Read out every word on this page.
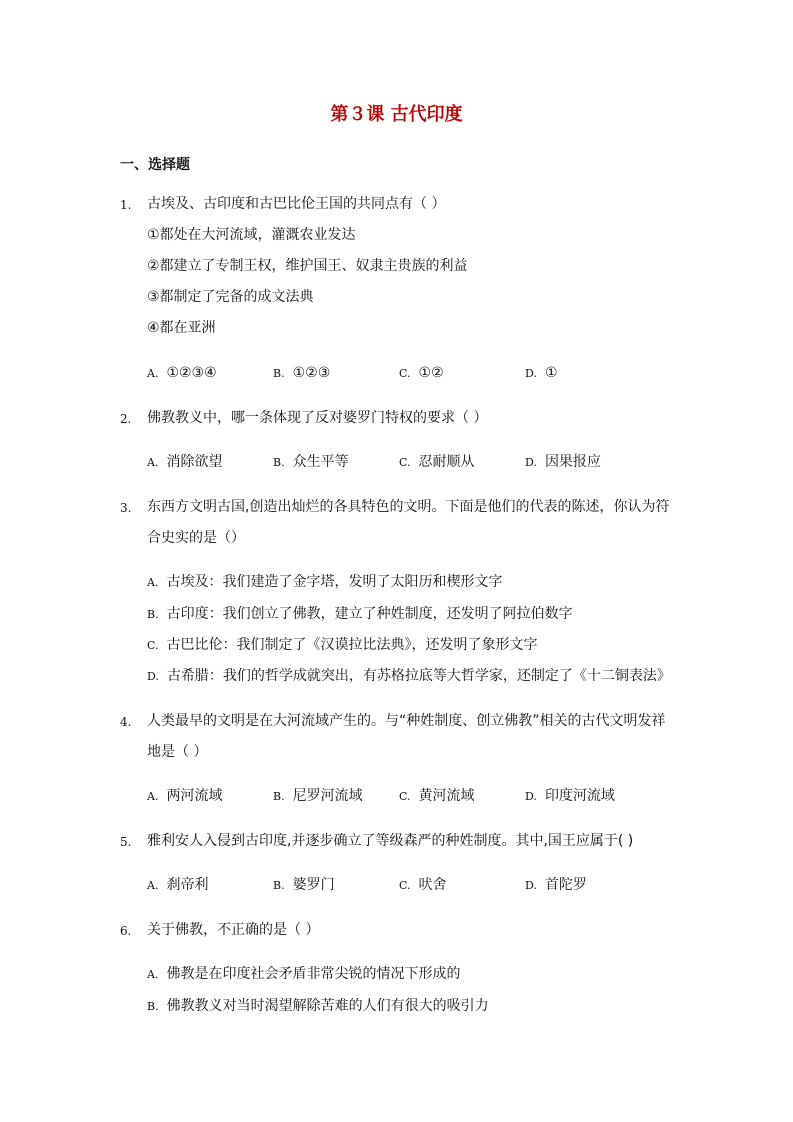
第３课 古代印度
一、选择题
1.	古埃及、古印度和古巴比伦王国的共同点有（ ）
①都处在大河流域，灌溉农业发达
②都建立了专制王权，维护国王、奴隶主贵族的利益
③都制定了完备的成文法典
④都在亚洲
A. ①②③④	B. ①②③	C. ①②	D. ①
2.	佛教教义中，哪一条体现了反对婆罗门特权的要求（ ）
A. 消除欲望	B. 众生平等	C. 忍耐顺从	D. 因果报应
3.	东西方文明古国,创造出灿烂的各具特色的文明。下面是他们的代表的陈述，你认为符
合史实的是（）
A. 古埃及：我们建造了金字塔，发明了太阳历和楔形文字
B. 古印度：我们创立了佛教，建立了种姓制度，还发明了阿拉伯数字
C. 古巴比伦：我们制定了《汉谟拉比法典》，还发明了象形文字
D. 古希腊：我们的哲学成就突出，有苏格拉底等大哲学家，还制定了《十二铜表法》
4.	人类最早的文明是在大河流域产生的。与“种姓制度、创立佛教”相关的古代文明发祥
地是（ ）
A. 两河流域	B. 尼罗河流域	C. 黄河流域	D. 印度河流域
5.	雅利安人入侵到古印度,并逐步确立了等级森严的种姓制度。其中,国王应属于( )
A. 刹帝利	B. 婆罗门	C. 吠舍	D. 首陀罗
6.	关于佛教，不正确的是（ ）
A. 佛教是在印度社会矛盾非常尖锐的情况下形成的
B. 佛教教义对当时渴望解除苦难的人们有很大的吸引力
